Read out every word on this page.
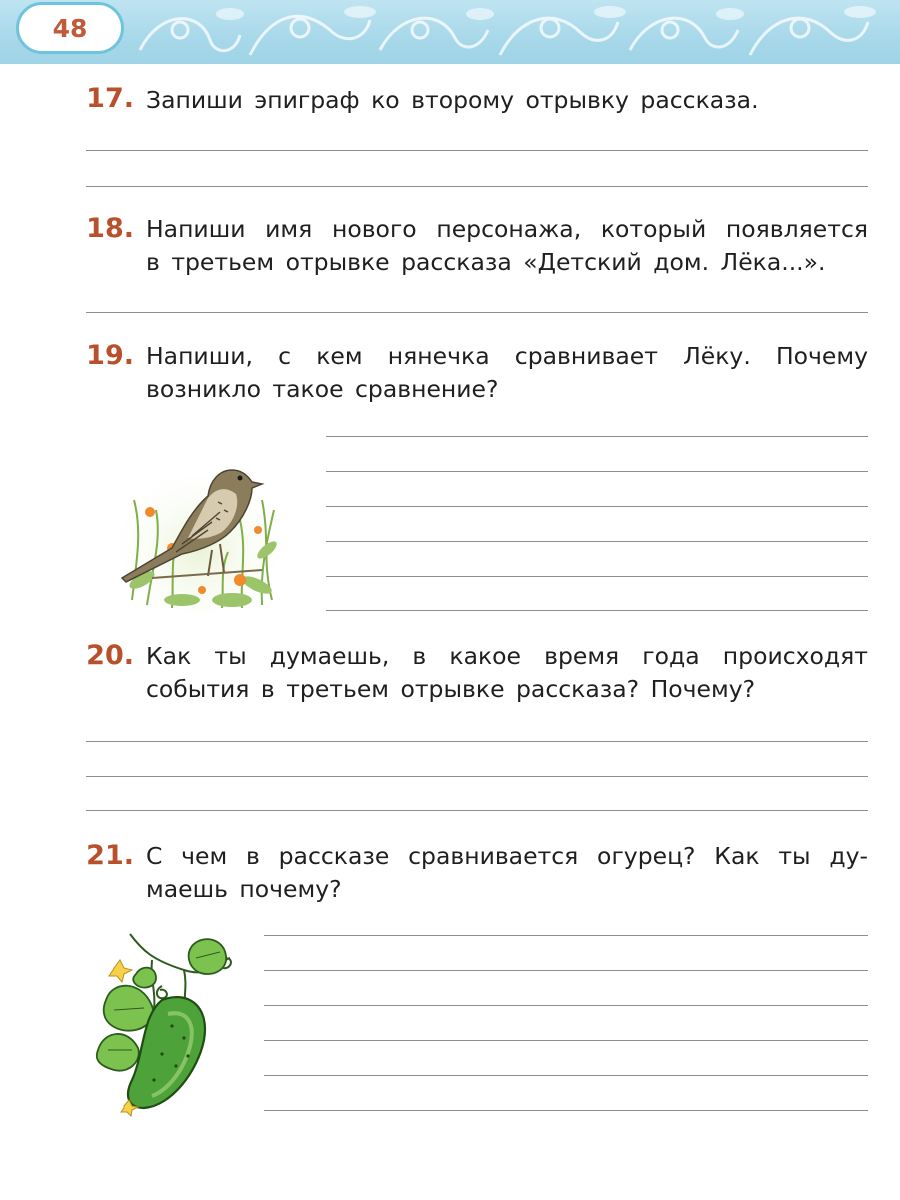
48
17. Запиши эпиграф ко второму отрывку рассказа.
18. Напиши имя нового персонажа, который появляется
в третьем отрывке рассказа «Детский дом. Лёка...».
19. Напиши, с кем нянечка сравнивает Лёку. Почему
возникло такое сравнение?
20. Как ты думаешь, в какое время года происходят
события в третьем отрывке рассказа? Почему?
21. С чем в рассказе сравнивается огурец? Как ты ду-
маешь почему?
